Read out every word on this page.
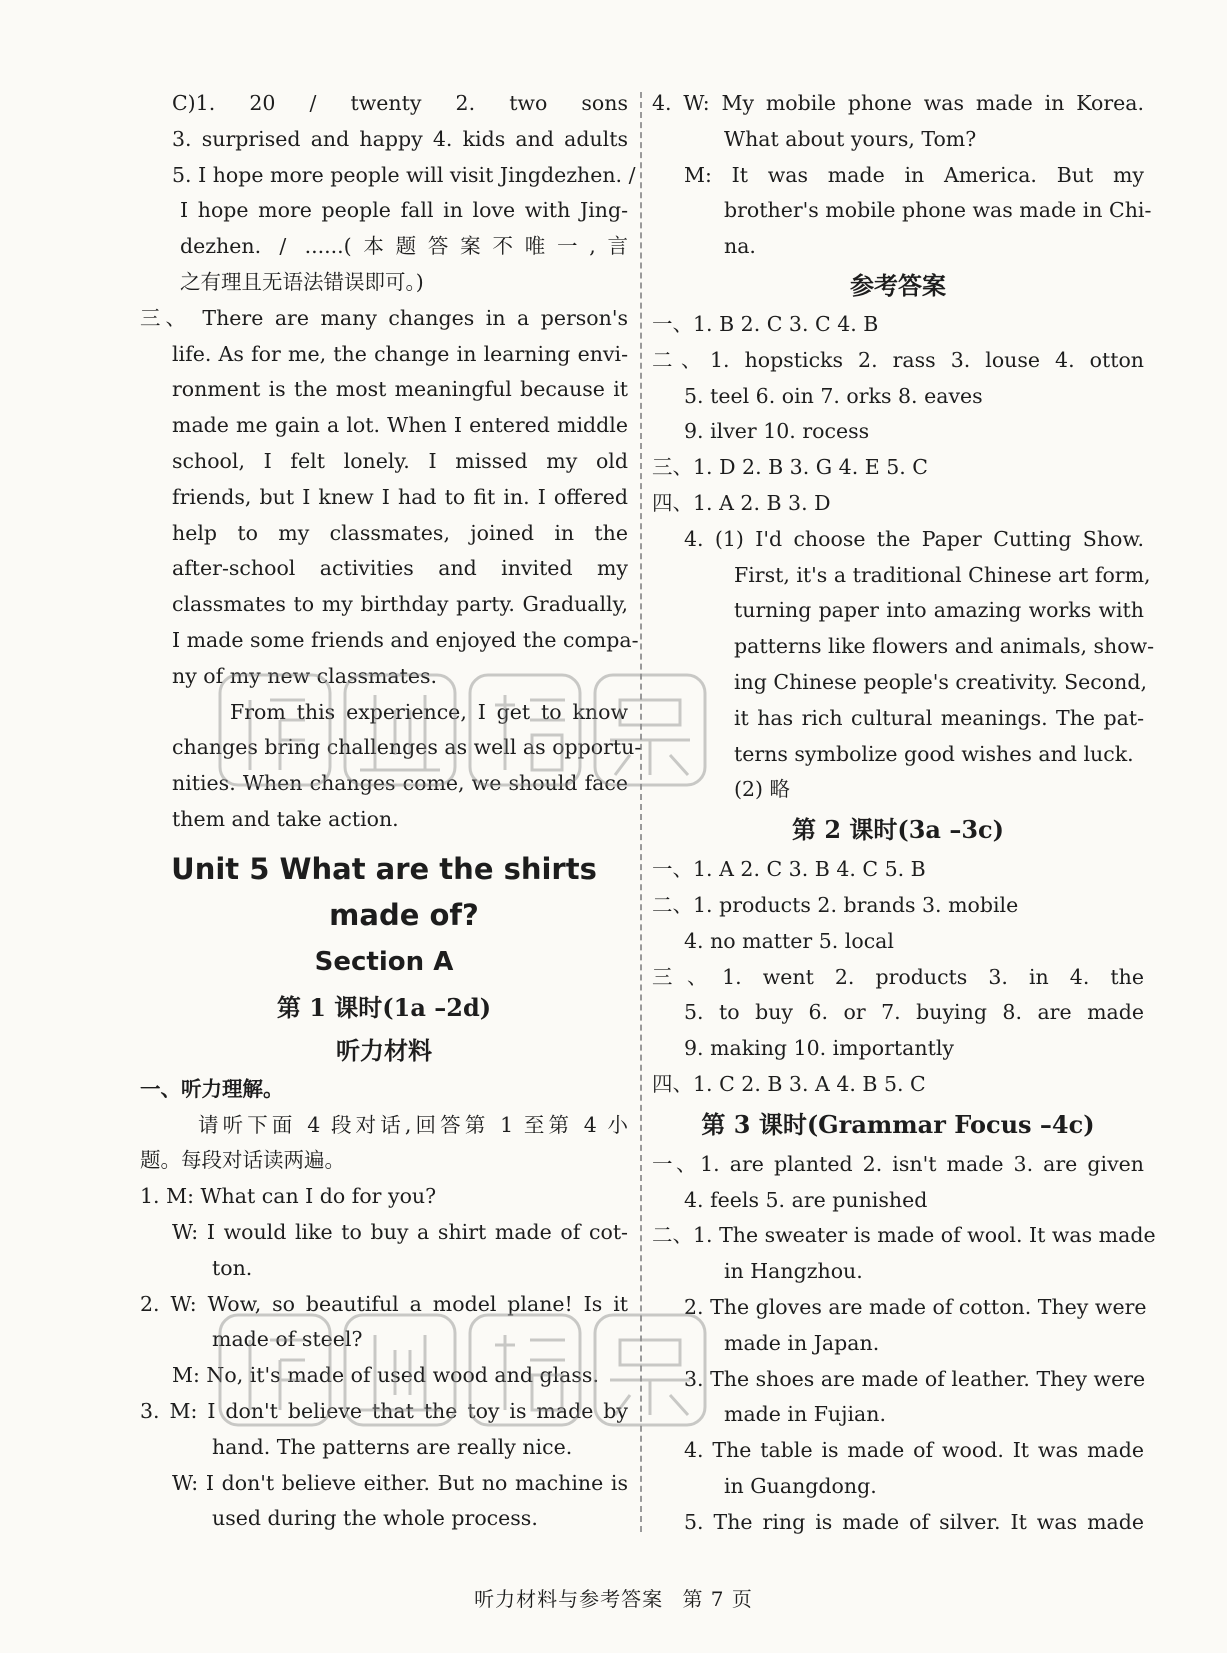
C)1. 20 / twenty 2. two sons
3. surprised and happy 4. kids and adults
5. I hope more people will visit Jingdezhen. /
I hope more people fall in love with Jing-
dezhen. / ......(本题答案不唯一,言
之有理且无语法错误即可。)
三、 There are many changes in a person's
life. As for me, the change in learning envi-
ronment is the most meaningful because it
made me gain a lot. When I entered middle
school, I felt lonely. I missed my old
friends, but I knew I had to fit in. I offered
help to my classmates, joined in the
after-school activities and invited my
classmates to my birthday party. Gradually,
I made some friends and enjoyed the compa-
ny of my new classmates.
From this experience, I get to know
changes bring challenges as well as opportu-
nities. When changes come, we should face
them and take action.
Unit 5 What are the shirts
made of?
Section A
第 1 课时(1a –2d)
听力材料
一、听力理解。
请听下面 4 段对话,回答第 1 至第 4 小
题。每段对话读两遍。
1. M: What can I do for you?
W: I would like to buy a shirt made of cot-
ton.
2. W: Wow, so beautiful a model plane! Is it
made of steel?
M: No, it's made of used wood and glass.
3. M: I don't believe that the toy is made by
hand. The patterns are really nice.
W: I don't believe either. But no machine is
used during the whole process.
4. W: My mobile phone was made in Korea.
What about yours, Tom?
M: It was made in America. But my
brother's mobile phone was made in Chi-
na.
参考答案
一、1. B 2. C 3. C 4. B
二、1. hopsticks 2. rass 3. louse 4. otton
5. teel 6. oin 7. orks 8. eaves
9. ilver 10. rocess
三、1. D 2. B 3. G 4. E 5. C
四、1. A 2. B 3. D
4. (1) I'd choose the Paper Cutting Show.
First, it's a traditional Chinese art form,
turning paper into amazing works with
patterns like flowers and animals, show-
ing Chinese people's creativity. Second,
it has rich cultural meanings. The pat-
terns symbolize good wishes and luck.
(2) 略
第 2 课时(3a –3c)
一、1. A 2. C 3. B 4. C 5. B
二、1. products 2. brands 3. mobile
4. no matter 5. local
三、1. went 2. products 3. in 4. the
5. to buy 6. or 7. buying 8. are made
9. making 10. importantly
四、1. C 2. B 3. A 4. B 5. C
第 3 课时(Grammar Focus –4c)
一、1. are planted 2. isn't made 3. are given
4. feels 5. are punished
二、1. The sweater is made of wool. It was made
in Hangzhou.
2. The gloves are made of cotton. They were
made in Japan.
3. The shoes are made of leather. They were
made in Fujian.
4. The table is made of wood. It was made
in Guangdong.
5. The ring is made of silver. It was made
听力材料与参考答案 第 7 页
